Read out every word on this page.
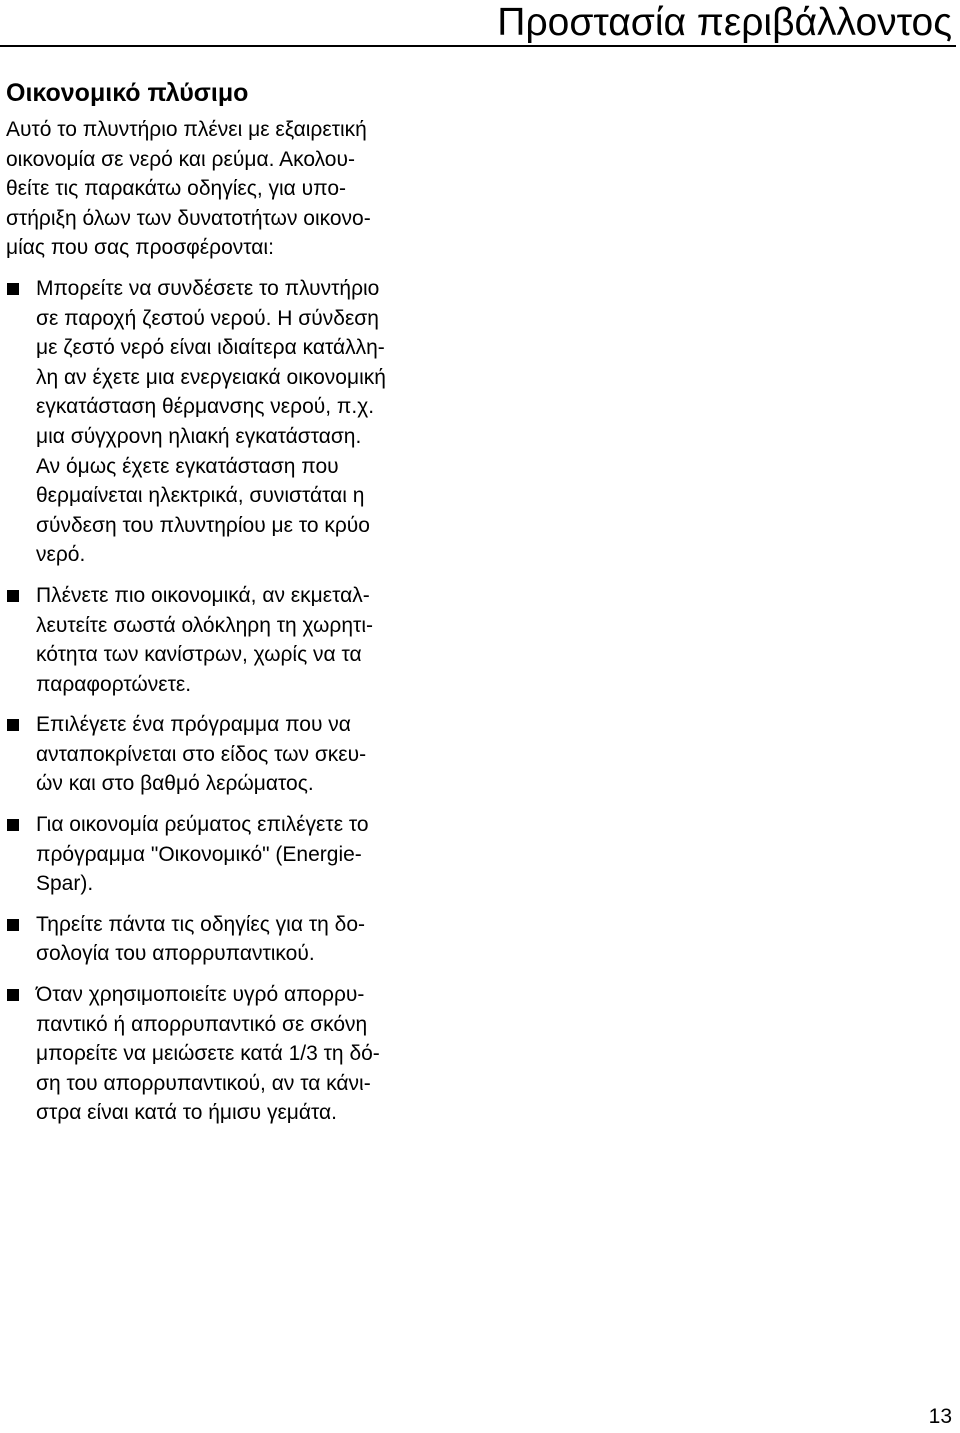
Προστασία περιβάλλοντος
Οικονομικό πλύσιμο

Αυτό το πλυντήριο πλένει με εξαιρετική
οικονομία σε νερό και ρεύμα. Ακολου-
θείτε τις παρακάτω οδηγίες, για υπο-
στήριξη όλων των δυνατοτήτων οικονο-
μίας που σας προσφέρονται:

Μπορείτε να συνδέσετε το πλυντήριο
σε παροχή ζεστού νερού. Η σύνδεση
με ζεστό νερό είναι ιδιαίτερα κατάλλη-
λη αν έχετε μια ενεργειακά οικονομική
εγκατάσταση θέρμανσης νερού, π.χ.
μια σύγχρονη ηλιακή εγκατάσταση.
Αν όμως έχετε εγκατάσταση που
θερμαίνεται ηλεκτρικά, συνιστάται η
σύνδεση του πλυντηρίου με το κρύο
νερό.
Πλένετε πιο οικονομικά, αν εκμεταλ-
λευτείτε σωστά ολόκληρη τη χωρητι-
κότητα των κανίστρων, χωρίς να τα
παραφορτώνετε.
Επιλέγετε ένα πρόγραμμα που να
ανταποκρίνεται στο είδος των σκευ-
ών και στο βαθμό λερώματος.
Για οικονομία ρεύματος επιλέγετε το
πρόγραμμα "Οικονομικό" (Energie-
Spar).
Τηρείτε πάντα τις οδηγίες για τη δο-
σολογία του απορρυπαντικού.
Όταν χρησιμοποιείτε υγρό απορρυ-
παντικό ή απορρυπαντικό σε σκόνη
μπορείτε να μειώσετε κατά 1/3 τη δό-
ση του απορρυπαντικού, αν τα κάνι-
στρα είναι κατά το ήμισυ γεμάτα.
13
